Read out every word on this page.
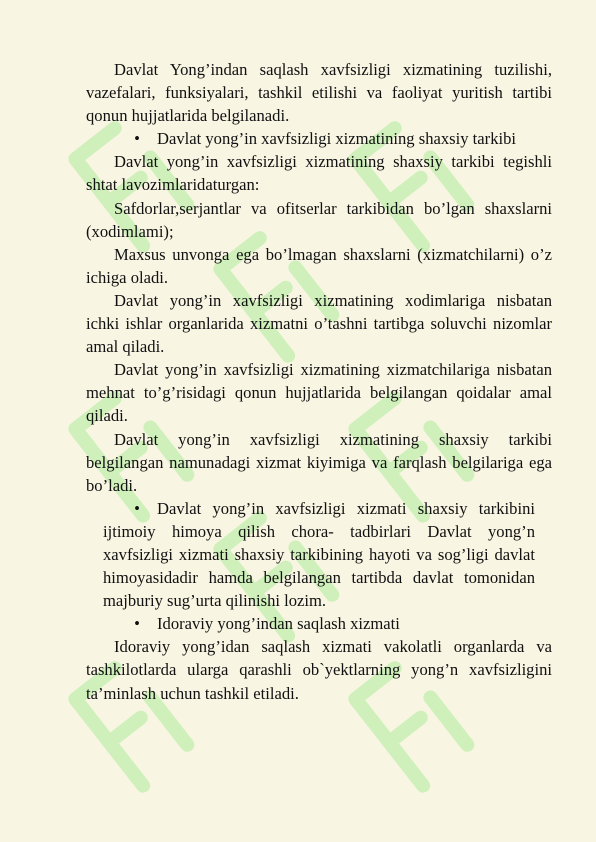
Davlat Yong’indan saqlash xavfsizligi xizmatining tuzilishi, vazefalari, funksiyalari, tashkil etilishi va faoliyat yuritish tartibi qonun hujjatlarida belgilanadi.

• Davlat yong’in xavfsizligi xizmatining shaxsiy tarkibi

Davlat yong’in xavfsizligi xizmatining shaxsiy tarkibi tegishli shtat lavozimlaridaturgan:

Safdorlar,serjantlar va ofitserlar tarkibidan bo’lgan shaxslarni (xodimlami);

Maxsus unvonga ega bo’lmagan shaxslarni (xizmatchilarni) o’z ichiga oladi.

Davlat yong’in xavfsizligi xizmatining xodimlariga nisbatan ichki ishlar organlarida xizmatni o’tashni tartibga soluvchi nizomlar amal qiladi.

Davlat yong’in xavfsizligi xizmatining xizmatchilariga nisbatan mehnat to’g’risidagi qonun hujjatlarida belgilangan qoidalar amal qiladi.

Davlat yong’in xavfsizligi xizmatining shaxsiy tarkibi belgilangan namunadagi xizmat kiyimiga va farqlash belgilariga ega bo’ladi.

• Davlat yong’in xavfsizligi xizmati shaxsiy tarkibini ijtimoiy himoya qilish chora- tadbirlari Davlat yong’n xavfsizligi xizmati shaxsiy tarkibining hayoti va sog’ligi davlat himoyasidadir hamda belgilangan tartibda davlat tomonidan majburiy sug’urta qilinishi lozim.

• Idoraviy yong’indan saqlash xizmati

Idoraviy yong’idan saqlash xizmati vakolatli organlarda va tashkilotlarda ularga qarashli ob`yektlarning yong’n xavfsizligini ta’minlash uchun tashkil etiladi.
